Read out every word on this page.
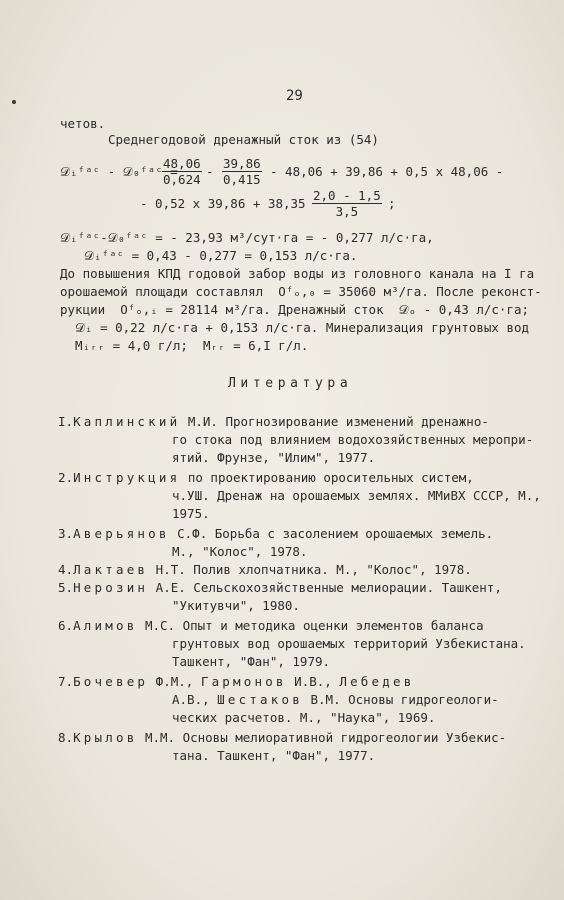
29
четов.
Среднегодовой дренажный сток из (54)
𝒟ᵢᶠᵃᶜ - 𝒟₀ᶠᵃᶜ =
$\frac{48,06}{0,624} - \frac{39,86}{0,415} - 48,06 + 39,86 + 0,5$ x 48,06 -
- 0,52 x $39,86 + 38,35 \frac{2,0 - 1,5}{3,5}$ ;
𝒟ᵢᶠᵃᶜ-𝒟₀ᶠᵃᶜ = - 23,93 м³/сут·га = - 0,277 л/с·га,
𝒟ᵢᶠᵃᶜ = 0,43 - 0,277 = 0,153 л/с·га.
До повышения КПД годовой забор воды из головного канала на I га
орошаемой площади составлял  Oᶠₒ,₀ = 35060 м³/га. После реконст-
рукции  Oᶠₒ,ᵢ = 28114 м³/га. Дренажный сток  𝒟ₒ - 0,43 л/с·га;
𝒟ᵢ = 0,22 л/с·га + 0,153 л/с·га. Минерализация грунтовых вод
Mᵢᵣᵣ = 4,0 г/л;  Mᵣᵣ = 6,I г/л.
Литература
I.Каплинский М.И. Прогнозирование изменений дренажно-
го стока под влиянием водохозяйственных меропри-
ятий. Фрунзе, "Илим", 1977.
2.Инструкция по проектированию оросительных систем,
ч.УШ. Дренаж на орошаемых землях. ММиВХ СССР, М.,
1975.
3.Аверьянов С.Ф. Борьба с засолением орошаемых земель.
М., "Колос", 1978.
4.Лактаев Н.Т. Полив хлопчатника. М., "Колос", 1978.
5.Нерозин А.Е. Сельскохозяйственные мелиорации. Ташкент,
"Укитувчи", 1980.
6.Алимов М.С. Опыт и методика оценки элементов баланса
грунтовых вод орошаемых территорий Узбекистана.
Ташкент, "Фан", 1979.
7.Бочевер Ф.М., Гармонов И.В., Лебедев
А.В., Шестаков В.М. Основы гидрогеологи-
ческих расчетов. М., "Наука", 1969.
8.Крылов М.М. Основы мелиоративной гидрогеологии Узбекис-
тана. Ташкент, "Фан", 1977.
